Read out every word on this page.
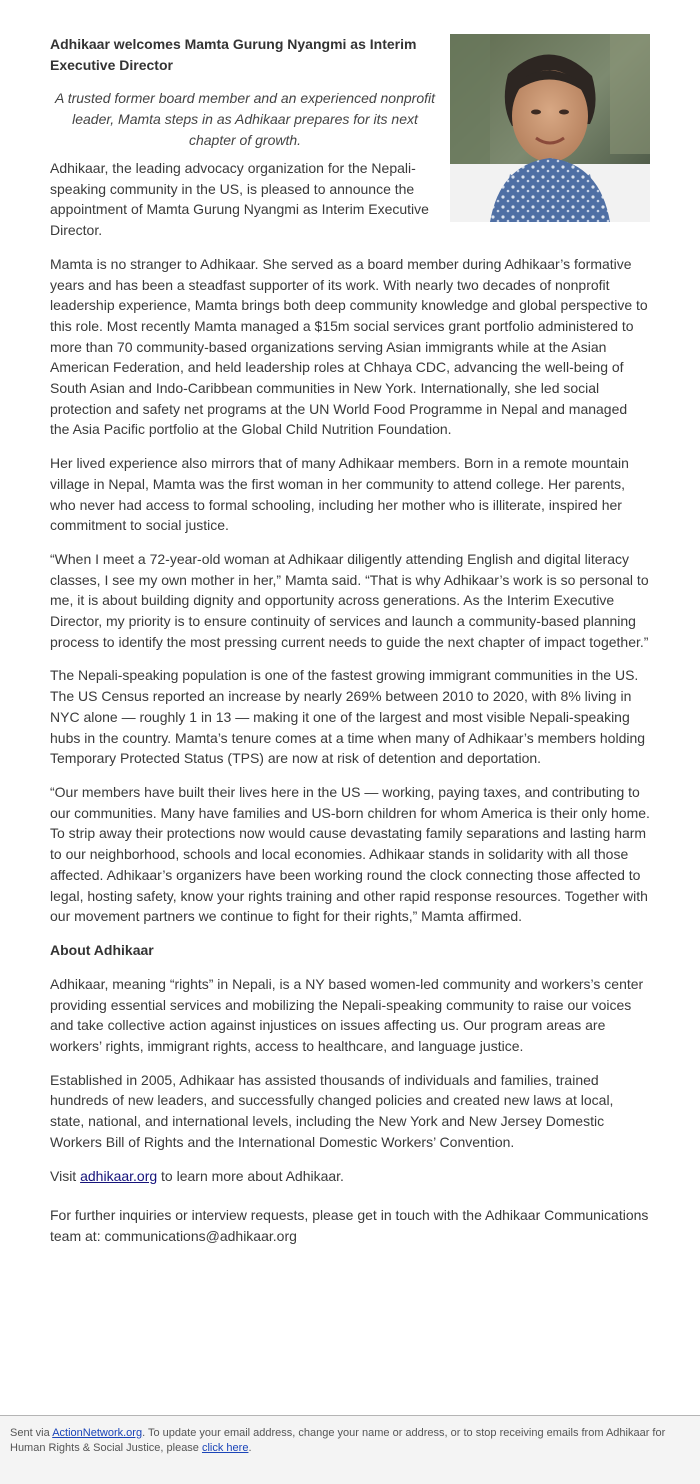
Adhikaar welcomes Mamta Gurung Nyangmi as Interim Executive Director
A trusted former board member and an experienced nonprofit leader, Mamta steps in as Adhikaar prepares for its next chapter of growth.

Adhikaar, the leading advocacy organization for the Nepali-speaking community in the US, is pleased to announce the appointment of Mamta Gurung Nyangmi as Interim Executive Director.

Mamta is no stranger to Adhikaar. She served as a board member during Adhikaar’s formative years and has been a steadfast supporter of its work. With nearly two decades of nonprofit leadership experience, Mamta brings both deep community knowledge and global perspective to this role. Most recently Mamta managed a $15m social services grant portfolio administered to more than 70 community-based organizations serving Asian immigrants while at the Asian American Federation, and held leadership roles at Chhaya CDC, advancing the well-being of South Asian and Indo-Caribbean communities in New York. Internationally, she led social protection and safety net programs at the UN World Food Programme in Nepal and managed the Asia Pacific portfolio at the Global Child Nutrition Foundation.

Her lived experience also mirrors that of many Adhikaar members. Born in a remote mountain village in Nepal, Mamta was the first woman in her community to attend college. Her parents, who never had access to formal schooling, including her mother who is illiterate, inspired her commitment to social justice.

“When I meet a 72-year-old woman at Adhikaar diligently attending English and digital literacy classes, I see my own mother in her,” Mamta said. “That is why Adhikaar’s work is so personal to me, it is about building dignity and opportunity across generations. As the Interim Executive Director, my priority is to ensure continuity of services and launch a community-based planning process to identify the most pressing current needs to guide the next chapter of impact together.”

The Nepali-speaking population is one of the fastest growing immigrant communities in the US. The US Census reported an increase by nearly 269% between 2010 to 2020, with 8% living in NYC alone — roughly 1 in 13 — making it one of the largest and most visible Nepali-speaking hubs in the country. Mamta’s tenure comes at a time when many of Adhikaar’s members holding Temporary Protected Status (TPS) are now at risk of detention and deportation.

“Our members have built their lives here in the US — working, paying taxes, and contributing to our communities. Many have families and US-born children for whom America is their only home. To strip away their protections now would cause devastating family separations and lasting harm to our neighborhood, schools and local economies. Adhikaar stands in solidarity with all those affected. Adhikaar’s organizers have been working round the clock connecting those affected to legal, hosting safety, know your rights training and other rapid response resources. Together with our movement partners we continue to fight for their rights,” Mamta affirmed.

About Adhikaar

Adhikaar, meaning “rights” in Nepali, is a NY based women-led community and workers’s center providing essential services and mobilizing the Nepali-speaking community to raise our voices and take collective action against injustices on issues affecting us. Our program areas are workers’ rights, immigrant rights, access to healthcare, and language justice.

Established in 2005, Adhikaar has assisted thousands of individuals and families, trained hundreds of new leaders, and successfully changed policies and created new laws at local, state, national, and international levels, including the New York and New Jersey Domestic Workers Bill of Rights and the International Domestic Workers’ Convention.

Visit adhikaar.org to learn more about Adhikaar.

For further inquiries or interview requests, please get in touch with the Adhikaar Communications team at: communications@adhikaar.org

Sent via ActionNetwork.org. To update your email address, change your name or address, or to stop receiving emails from Adhikaar for Human Rights & Social Justice, please click here.
